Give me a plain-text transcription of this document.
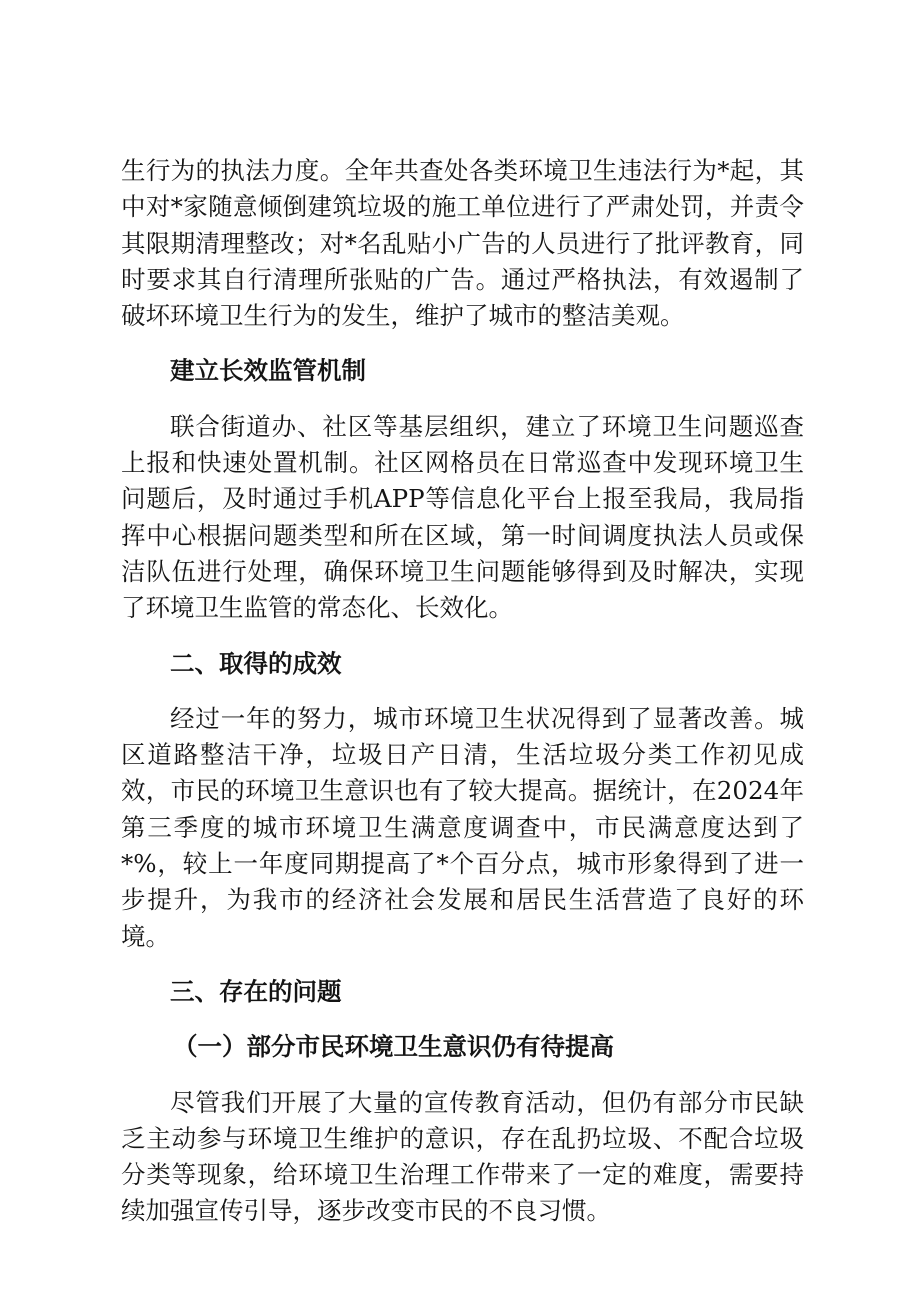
生行为的执法力度。全年共查处各类环境卫生违法行为*起，其中对*家随意倾倒建筑垃圾的施工单位进行了严肃处罚，并责令其限期清理整改；对*名乱贴小广告的人员进行了批评教育，同时要求其自行清理所张贴的广告。通过严格执法，有效遏制了破坏环境卫生行为的发生，维护了城市的整洁美观。

建立长效监管机制

联合街道办、社区等基层组织，建立了环境卫生问题巡查上报和快速处置机制。社区网格员在日常巡查中发现环境卫生问题后，及时通过手机APP等信息化平台上报至我局，我局指挥中心根据问题类型和所在区域，第一时间调度执法人员或保洁队伍进行处理，确保环境卫生问题能够得到及时解决，实现了环境卫生监管的常态化、长效化。

二、取得的成效

经过一年的努力，城市环境卫生状况得到了显著改善。城区道路整洁干净，垃圾日产日清，生活垃圾分类工作初见成效，市民的环境卫生意识也有了较大提高。据统计，在2024年第三季度的城市环境卫生满意度调查中，市民满意度达到了*%，较上一年度同期提高了*个百分点，城市形象得到了进一步提升，为我市的经济社会发展和居民生活营造了良好的环境。

三、存在的问题

（一）部分市民环境卫生意识仍有待提高

尽管我们开展了大量的宣传教育活动，但仍有部分市民缺乏主动参与环境卫生维护的意识，存在乱扔垃圾、不配合垃圾分类等现象，给环境卫生治理工作带来了一定的难度，需要持续加强宣传引导，逐步改变市民的不良习惯。
